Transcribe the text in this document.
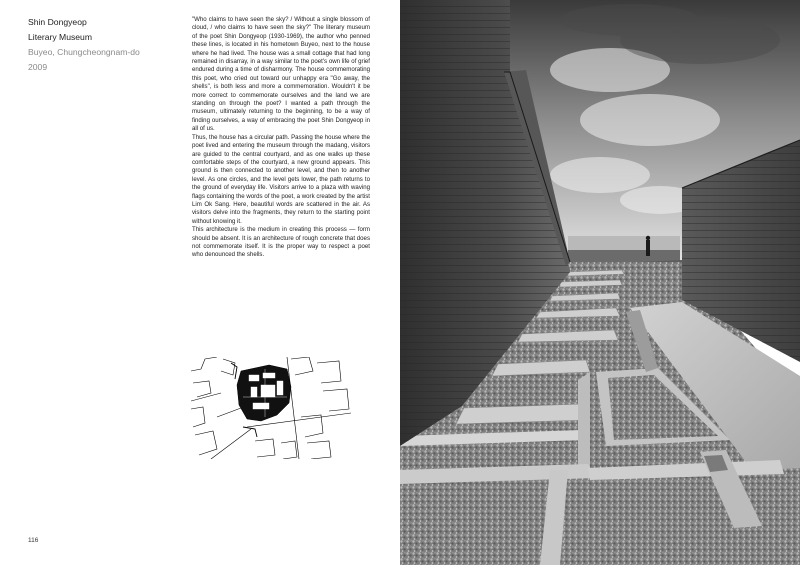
Shin Dongyeop
Literary Museum
Buyeo, Chungcheongnam-do
2009

"Who claims to have seen the sky? / Without a single blossom of cloud, / who claims to have seen the sky?" The literary museum of the poet Shin Dongyeop (1930-1969), the author who penned these lines, is located in his hometown Buyeo, next to the house where he had lived. The house was a small cottage that had long remained in disarray, in a way similar to the poet's own life of grief endured during a time of disharmony. The house commemorating this poet, who cried out toward our unhappy era "Go away, the shells", is both less and more a commemoration. Wouldn't it be more correct to commemorate ourselves and the land we are standing on through the poet? I wanted a path through the museum, ultimately returning to the beginning, to be a way of finding ourselves, a way of embracing the poet Shin Dongyeop in all of us.

Thus, the house has a circular path. Passing the house where the poet lived and entering the museum through the madang, visitors are guided to the central courtyard, and as one walks up these comfortable steps of the courtyard, a new ground appears. This ground is then connected to another level, and then to another level. As one circles, and the level gets lower, the path returns to the ground of everyday life. Visitors arrive to a plaza with waving flags containing the words of the poet, a work created by the artist Lim Ok Sang. Here, beautiful words are scattered in the air. As visitors delve into the fragments, they return to the starting point without knowing it.

This architecture is the medium in creating this process — form should be absent. It is an architecture of rough concrete that does not commemorate itself. It is the proper way to respect a poet who denounced the shells.

116
